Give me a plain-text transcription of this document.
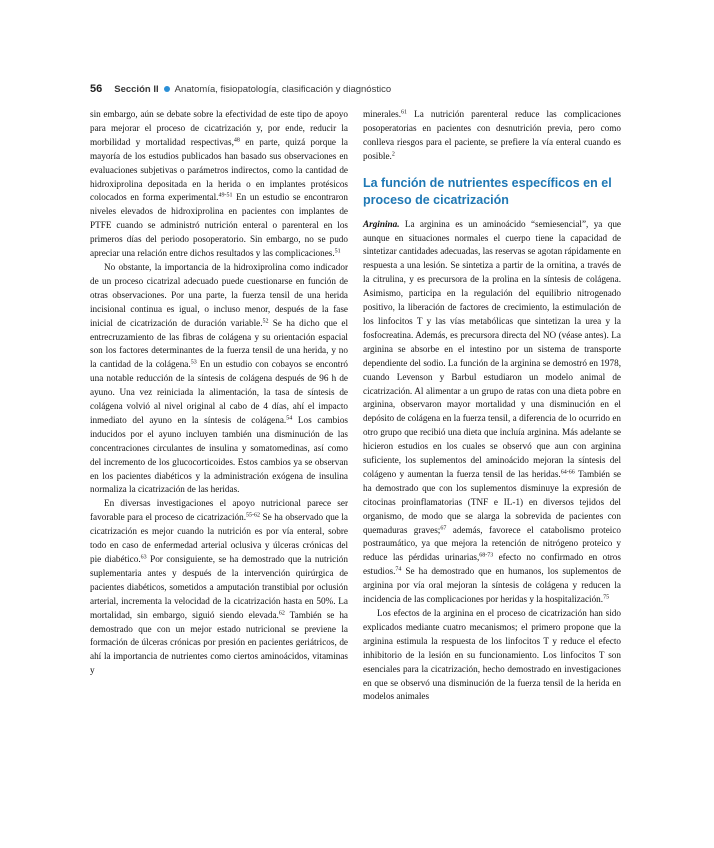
56 Sección II Anatomía, fisiopatología, clasificación y diagnóstico

sin embargo, aún se debate sobre la efectividad de este tipo de apoyo para mejorar el proceso de cicatrización y, por ende, reducir la morbilidad y mortalidad respectivas,$^{48}$ en parte, quizá porque la mayoría de los estudios publicados han basado sus observaciones en evaluaciones subjetivas o parámetros indirectos, como la cantidad de hidroxiprolina depositada en la herida o en implantes protésicos colocados en forma experimental.$^{49-51}$ En un estudio se encontraron niveles elevados de hidroxiprolina en pacientes con implantes de PTFE cuando se administró nutrición enteral o parenteral en los primeros días del periodo posoperatorio. Sin embargo, no se pudo apreciar una relación entre dichos resultados y las complicaciones.$^{51}$

No obstante, la importancia de la hidroxiprolina como indicador de un proceso cicatrizal adecuado puede cuestionarse en función de otras observaciones. Por una parte, la fuerza tensil de una herida incisional continua es igual, o incluso menor, después de la fase inicial de cicatrización de duración variable.$^{52}$ Se ha dicho que el entrecruzamiento de las fibras de colágena y su orientación espacial son los factores determinantes de la fuerza tensil de una herida, y no la cantidad de la colágena.$^{53}$ En un estudio con cobayos se encontró una notable reducción de la síntesis de colágena después de 96 h de ayuno. Una vez reiniciada la alimentación, la tasa de síntesis de colágena volvió al nivel original al cabo de 4 días, ahí el impacto inmediato del ayuno en la síntesis de colágena.$^{54}$ Los cambios inducidos por el ayuno incluyen también una disminución de las concentraciones circulantes de insulina y somatomedinas, así como del incremento de los glucocorticoides. Estos cambios ya se observan en los pacientes diabéticos y la administración exógena de insulina normaliza la cicatrización de las heridas.

En diversas investigaciones el apoyo nutricional parece ser favorable para el proceso de cicatrización.$^{55-62}$ Se ha observado que la cicatrización es mejor cuando la nutrición es por vía enteral, sobre todo en caso de enfermedad arterial oclusiva y úlceras crónicas del pie diabético.$^{63}$ Por consiguiente, se ha demostrado que la nutrición suplementaria antes y después de la intervención quirúrgica de pacientes diabéticos, sometidos a amputación transtibial por oclusión arterial, incrementa la velocidad de la cicatrización hasta en 50%. La mortalidad, sin embargo, siguió siendo elevada.$^{62}$ También se ha demostrado que con un mejor estado nutricional se previene la formación de úlceras crónicas por presión en pacientes geriátricos, de ahí la importancia de nutrientes como ciertos aminoácidos, vitaminas y

minerales.$^{61}$ La nutrición parenteral reduce las complicaciones posoperatorias en pacientes con desnutrición previa, pero como conlleva riesgos para el paciente, se prefiere la vía enteral cuando es posible.$^2$

La función de nutrientes específicos en el proceso de cicatrización

Arginina. La arginina es un aminoácido “semiesencial”, ya que aunque en situaciones normales el cuerpo tiene la capacidad de sintetizar cantidades adecuadas, las reservas se agotan rápidamente en respuesta a una lesión. Se sintetiza a partir de la ornitina, a través de la citrulina, y es precursora de la prolina en la síntesis de colágena. Asimismo, participa en la regulación del equilibrio nitrogenado positivo, la liberación de factores de crecimiento, la estimulación de los linfocitos T y las vías metabólicas que sintetizan la urea y la fosfocreatina. Además, es precursora directa del NO (véase antes). La arginina se absorbe en el intestino por un sistema de transporte dependiente del sodio. La función de la arginina se demostró en 1978, cuando Levenson y Barbul estudiaron un modelo animal de cicatrización. Al alimentar a un grupo de ratas con una dieta pobre en arginina, observaron mayor mortalidad y una disminución en el depósito de colágena en la fuerza tensil, a diferencia de lo ocurrido en otro grupo que recibió una dieta que incluía arginina. Más adelante se hicieron estudios en los cuales se observó que aun con arginina suficiente, los suplementos del aminoácido mejoran la síntesis del colágeno y aumentan la fuerza tensil de las heridas.$^{64-66}$ También se ha demostrado que con los suplementos disminuye la expresión de citocinas proinflamatorias (TNF e IL-1) en diversos tejidos del organismo, de modo que se alarga la sobrevida de pacientes con quemaduras graves;$^{67}$ además, favorece el catabolismo proteico postraumático, ya que mejora la retención de nitrógeno proteico y reduce las pérdidas urinarias,$^{68-73}$ efecto no confirmado en otros estudios.$^{74}$ Se ha demostrado que en humanos, los suplementos de arginina por vía oral mejoran la síntesis de colágena y reducen la incidencia de las complicaciones por heridas y la hospitalización.$^{75}$

Los efectos de la arginina en el proceso de cicatrización han sido explicados mediante cuatro mecanismos; el primero propone que la arginina estimula la respuesta de los linfocitos T y reduce el efecto inhibitorio de la lesión en su funcionamiento. Los linfocitos T son esenciales para la cicatrización, hecho demostrado en investigaciones en que se observó una disminución de la fuerza tensil de la herida en modelos animales
